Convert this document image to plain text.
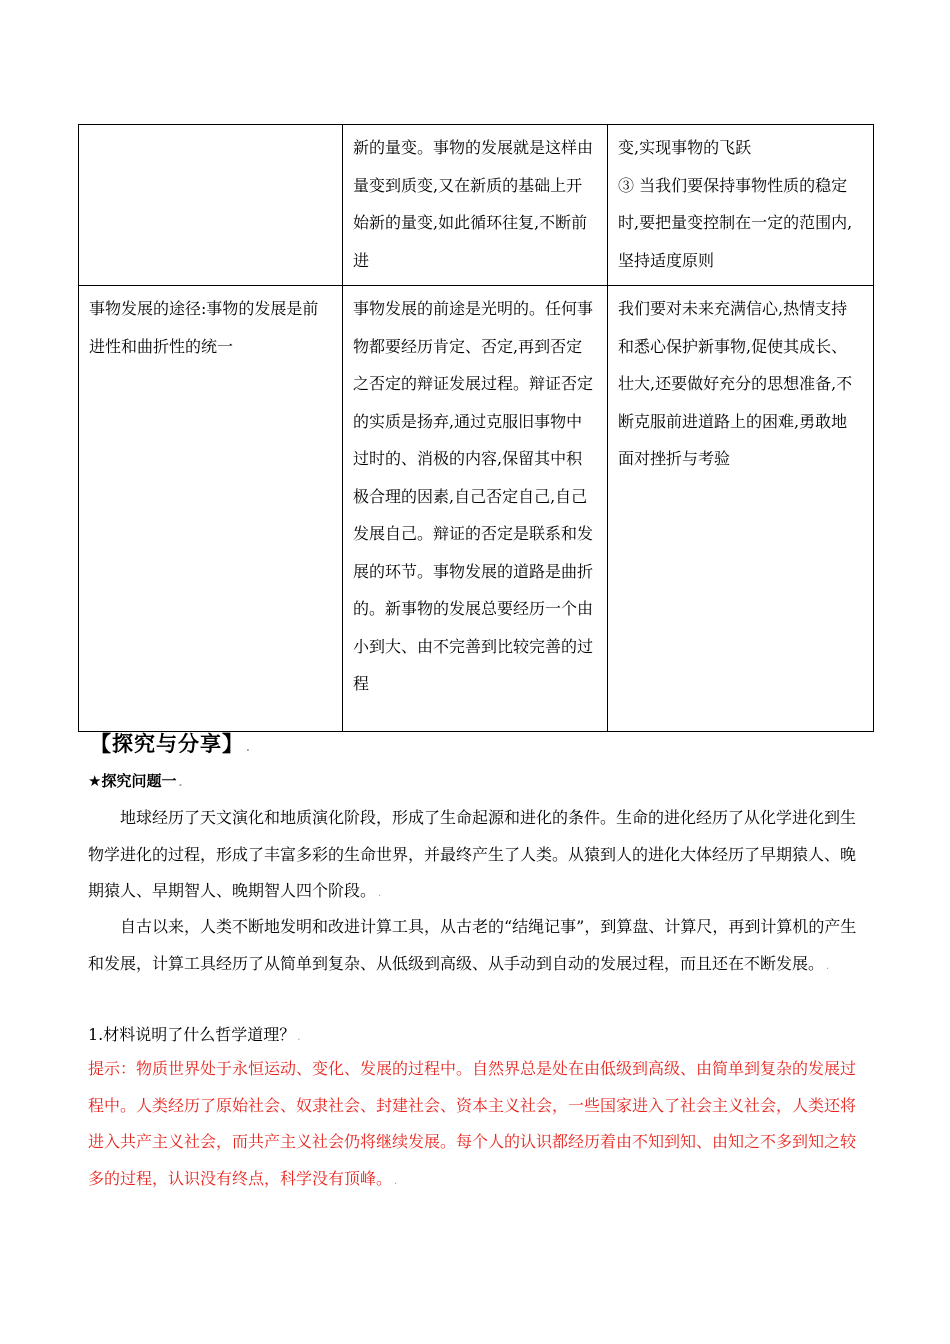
	新的量变。事物的发展就是这样由量变到质变,又在新质的基础上开始新的量变,如此循环往复,不断前进	变,实现事物的飞跃
③ 当我们要保持事物性质的稳定时,要把量变控制在一定的范围内,坚持适度原则

事物发展的途径:事物的发展是前进性和曲折性的统一	事物发展的前途是光明的。任何事物都要经历肯定、否定,再到否定之否定的辩证发展过程。辩证否定的实质是扬弃,通过克服旧事物中过时的、消极的内容,保留其中积极合理的因素,自己否定自己,自己发展自己。辩证的否定是联系和发展的环节。事物发展的道路是曲折的。新事物的发展总要经历一个由小到大、由不完善到比较完善的过程	我们要对未来充满信心,热情支持和悉心保护新事物,促使其成长、壮大,还要做好充分的思想准备,不断克服前进道路上的困难,勇敢地面对挫折与考验
【探究与分享】 .
★探究问题一 .

地球经历了天文演化和地质演化阶段，形成了生命起源和进化的条件。生命的进化经历了从化学进化到生物学进化的过程，形成了丰富多彩的生命世界，并最终产生了人类。从猿到人的进化大体经历了早期猿人、晚期猿人、早期智人、晚期智人四个阶段。 .

自古以来，人类不断地发明和改进计算工具，从古老的“结绳记事”，到算盘、计算尺，再到计算机的产生和发展，计算工具经历了从简单到复杂、从低级到高级、从手动到自动的发展过程，而且还在不断发展。 .

1.材料说明了什么哲学道理？ .

提示：物质世界处于永恒运动、变化、发展的过程中。自然界总是处在由低级到高级、由简单到复杂的发展过程中。人类经历了原始社会、奴隶社会、封建社会、资本主义社会，一些国家进入了社会主义社会，人类还将进入共产主义社会，而共产主义社会仍将继续发展。每个人的认识都经历着由不知到知、由知之不多到知之较多的过程，认识没有终点，科学没有顶峰。 .
